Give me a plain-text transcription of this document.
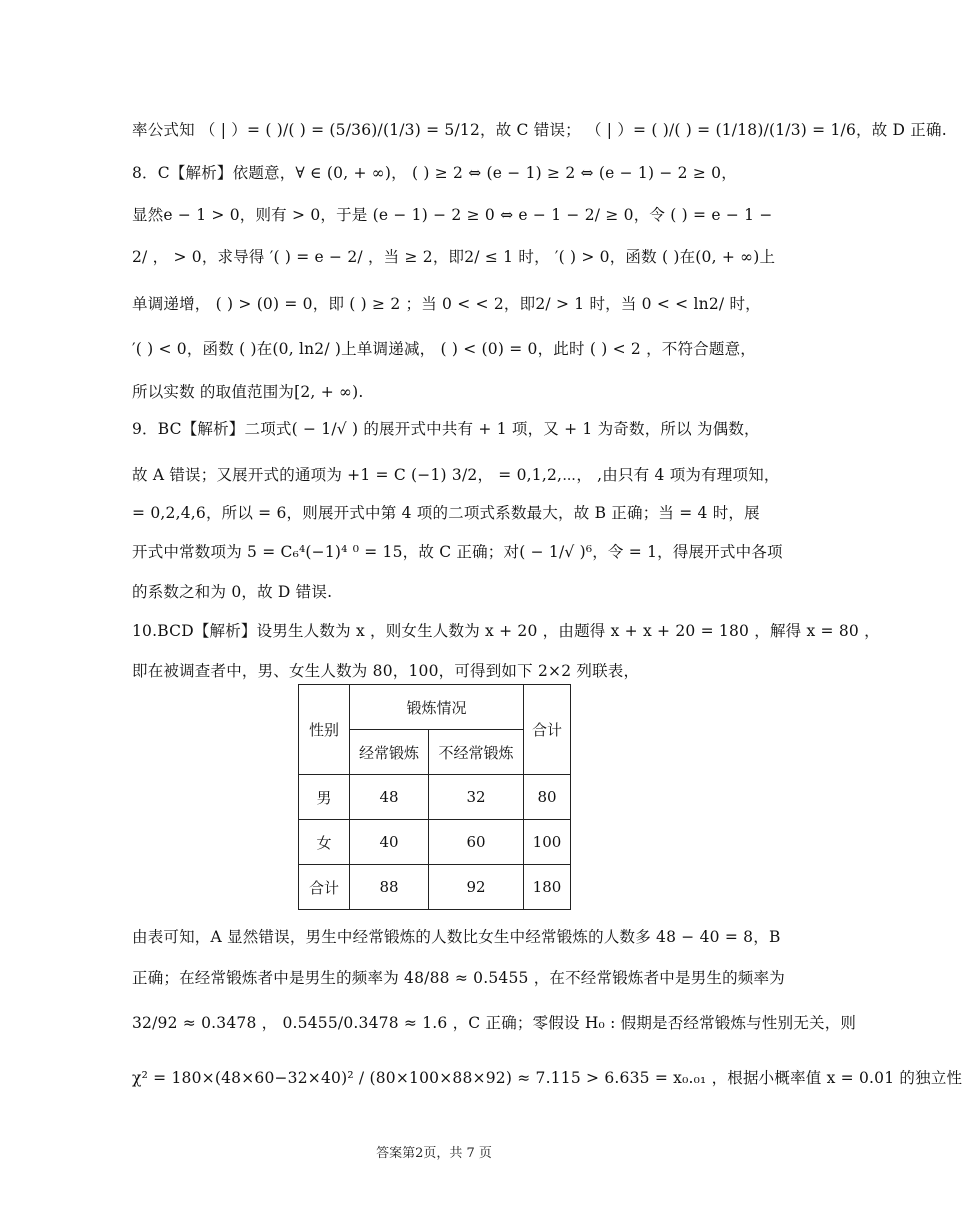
率公式知 （ | ）= ( )/( ) = (5/36)/(1/3) = 5/12，故 C 错误； （ | ）= ( )/( ) = (1/18)/(1/3) = 1/6，故 D 正确.
8．C【解析】依题意，∀ ∈ (0, + ∞)， ( ) ≥ 2 ⇔ (e − 1) ≥ 2 ⇔ (e − 1) − 2 ≥ 0，
显然e − 1 > 0，则有 > 0，于是 (e − 1) − 2 ≥ 0 ⇔ e − 1 − 2/ ≥ 0，令 ( ) = e − 1 −
2/ ， > 0，求导得 ′( ) = e − 2/ ，当 ≥ 2，即2/ ≤ 1 时， ′( ) > 0，函数 ( )在(0, + ∞)上
单调递增， ( ) > (0) = 0，即 ( ) ≥ 2 ；当 0 < < 2，即2/ > 1 时，当 0 < < ln2/ 时，
′( ) < 0，函数 ( )在(0, ln2/ )上单调递减， ( ) < (0) = 0，此时 ( ) < 2 ，不符合题意，
所以实数 的取值范围为[2, + ∞).
9．BC【解析】二项式( − 1/√ ) 的展开式中共有 + 1 项，又 + 1 为奇数，所以 为偶数，
故 A 错误；又展开式的通项为 +1 = C (−1) 3/2， = 0,1,2,⋯， ,由只有 4 项为有理项知，
= 0,2,4,6，所以 = 6，则展开式中第 4 项的二项式系数最大，故 B 正确；当 = 4 时，展
开式中常数项为 5 = C₆⁴(−1)⁴ ⁰ = 15，故 C 正确；对( − 1/√ )⁶，令 = 1，得展开式中各项
的系数之和为 0，故 D 错误.
10.BCD【解析】设男生人数为 x ，则女生人数为 x + 20 ，由题得 x + x + 20 = 180 ，解得 x = 80 ，
即在被调查者中，男、女生人数为 80，100，可得到如下 2×2 列联表，
性别	锻炼情况		合计
	经常锻炼	不经常锻炼	
男	48	32	80
女	40	60	100
合计	88	92	180
由表可知，A 显然错误，男生中经常锻炼的人数比女生中经常锻炼的人数多 48 − 40 = 8，B
正确；在经常锻炼者中是男生的频率为 48/88 ≈ 0.5455 ，在不经常锻炼者中是男生的频率为
32/92 ≈ 0.3478 ， 0.5455/0.3478 ≈ 1.6 ，C 正确；零假设 H₀ : 假期是否经常锻炼与性别无关，则
χ² = 180×(48×60−32×40)² / (80×100×88×92) ≈ 7.115 > 6.635 = x₀.₀₁ ，根据小概率值 x = 0.01 的独立性
答案第2页，共 7 页
